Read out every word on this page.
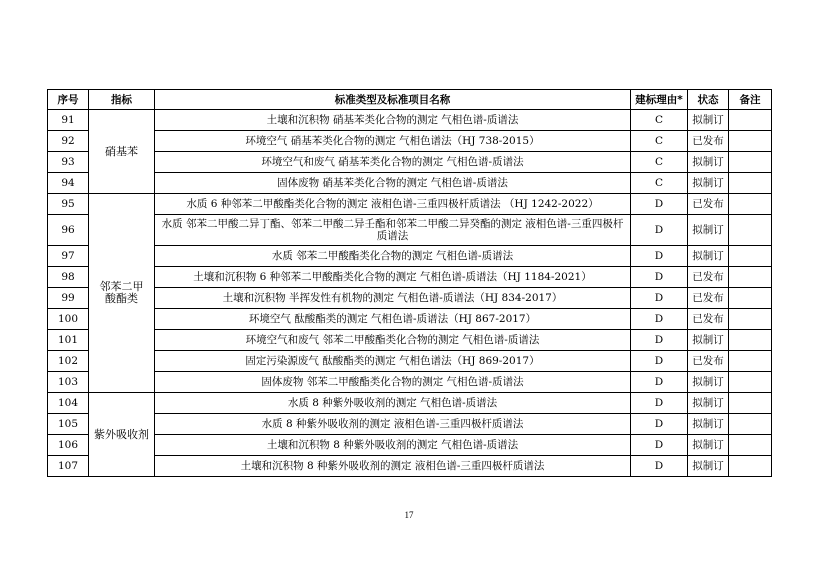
序号	指标	标准类型及标准项目名称	建标理由*	状态	备注
91	硝基苯	土壤和沉积物 硝基苯类化合物的测定 气相色谱-质谱法	C	拟制订	
92		环境空气 硝基苯类化合物的测定 气相色谱法（HJ 738-2015）	C	已发布	
93		环境空气和废气 硝基苯类化合物的测定 气相色谱-质谱法	C	拟制订	
94		固体废物 硝基苯类化合物的测定 气相色谱-质谱法	C	拟制订	
95	邻苯二甲酸酯类	水质 6 种邻苯二甲酸酯类化合物的测定 液相色谱-三重四极杆质谱法 （HJ 1242-2022）	D	已发布	
96		水质 邻苯二甲酸二异丁酯、邻苯二甲酸二异壬酯和邻苯二甲酸二异癸酯的测定 液相色谱-三重四极杆质谱法	D	拟制订	
97		水质 邻苯二甲酸酯类化合物的测定 气相色谱-质谱法	D	拟制订	
98		土壤和沉积物 6 种邻苯二甲酸酯类化合物的测定 气相色谱-质谱法（HJ 1184-2021）	D	已发布	
99		土壤和沉积物 半挥发性有机物的测定 气相色谱-质谱法（HJ 834-2017）	D	已发布	
100		环境空气 酞酸酯类的测定 气相色谱-质谱法（HJ 867-2017）	D	已发布	
101		环境空气和废气 邻苯二甲酸酯类化合物的测定 气相色谱-质谱法	D	拟制订	
102		固定污染源废气 酞酸酯类的测定 气相色谱法（HJ 869-2017）	D	已发布	
103		固体废物 邻苯二甲酸酯类化合物的测定 气相色谱-质谱法	D	拟制订	
104	紫外吸收剂	水质 8 种紫外吸收剂的测定 气相色谱-质谱法	D	拟制订	
105		水质 8 种紫外吸收剂的测定 液相色谱-三重四极杆质谱法	D	拟制订	
106		土壤和沉积物 8 种紫外吸收剂的测定 气相色谱-质谱法	D	拟制订	
107		土壤和沉积物 8 种紫外吸收剂的测定 液相色谱-三重四极杆质谱法	D	拟制订	
17
